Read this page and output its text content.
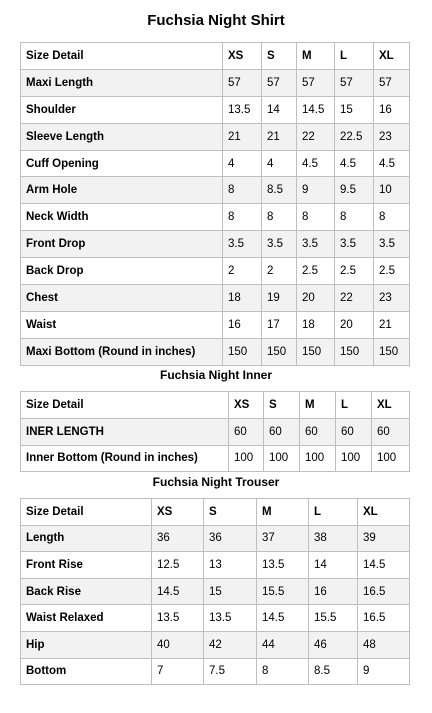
Fuchsia Night Shirt
Size Detail	XS	S	M	L	XL
Maxi Length	57	57	57	57	57
Shoulder	13.5	14	14.5	15	16
Sleeve Length	21	21	22	22.5	23
Cuff Opening	4	4	4.5	4.5	4.5
Arm Hole	8	8.5	9	9.5	10
Neck Width	8	8	8	8	8
Front Drop	3.5	3.5	3.5	3.5	3.5
Back Drop	2	2	2.5	2.5	2.5
Chest	18	19	20	22	23
Waist	16	17	18	20	21
Maxi Bottom (Round in inches)	150	150	150	150	150
Fuchsia Night Inner
Size Detail	XS	S	M	L	XL
INER LENGTH	60	60	60	60	60
Inner Bottom (Round in inches)	100	100	100	100	100
Fuchsia Night Trouser
Size Detail	XS	S	M	L	XL
Length	36	36	37	38	39
Front Rise	12.5	13	13.5	14	14.5
Back Rise	14.5	15	15.5	16	16.5
Waist Relaxed	13.5	13.5	14.5	15.5	16.5
Hip	40	42	44	46	48
Bottom	7	7.5	8	8.5	9
